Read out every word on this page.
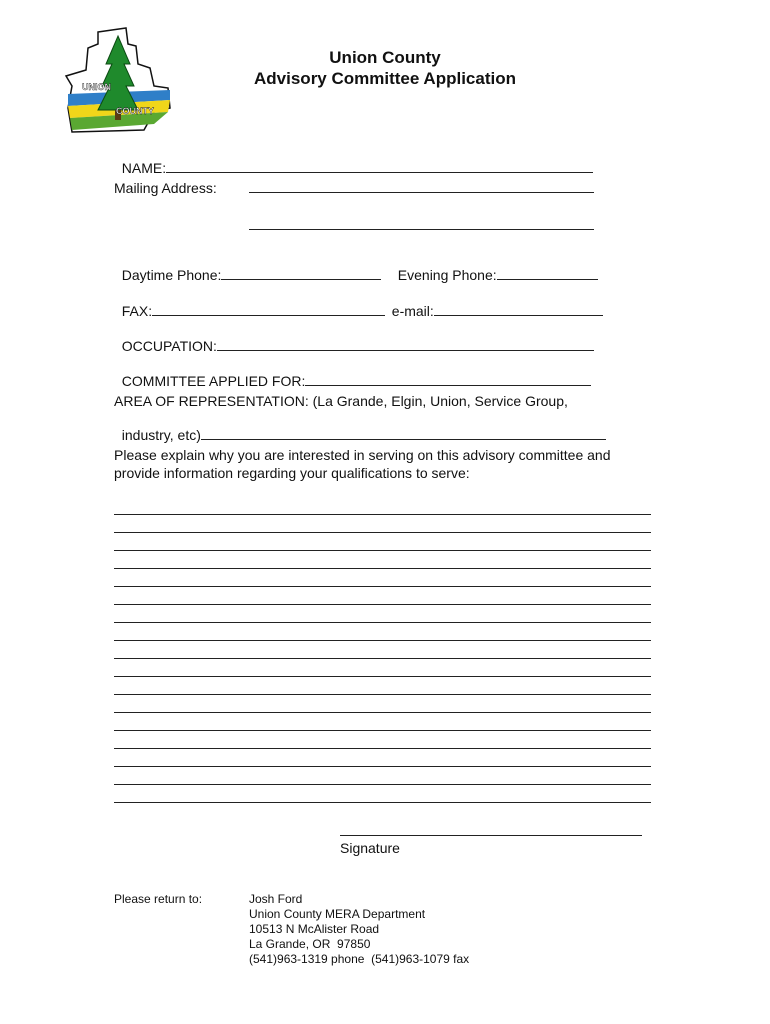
UNION
COUNTY
Union County
Advisory Committee Application

NAME:

Mailing Address:

Daytime Phone:	Evening Phone:

FAX:	e-mail:

OCCUPATION:

COMMITTEE APPLIED FOR:

AREA OF REPRESENTATION: (La Grande, Elgin, Union, Service Group,

industry, etc)

Please explain why you are interested in serving on this advisory committee and
provide information regarding your qualifications to serve:
Signature
Please return to:	Josh Ford
Union County MERA Department
10513 N McAlister Road
La Grande, OR  97850
(541)963-1319 phone  (541)963-1079 fax
